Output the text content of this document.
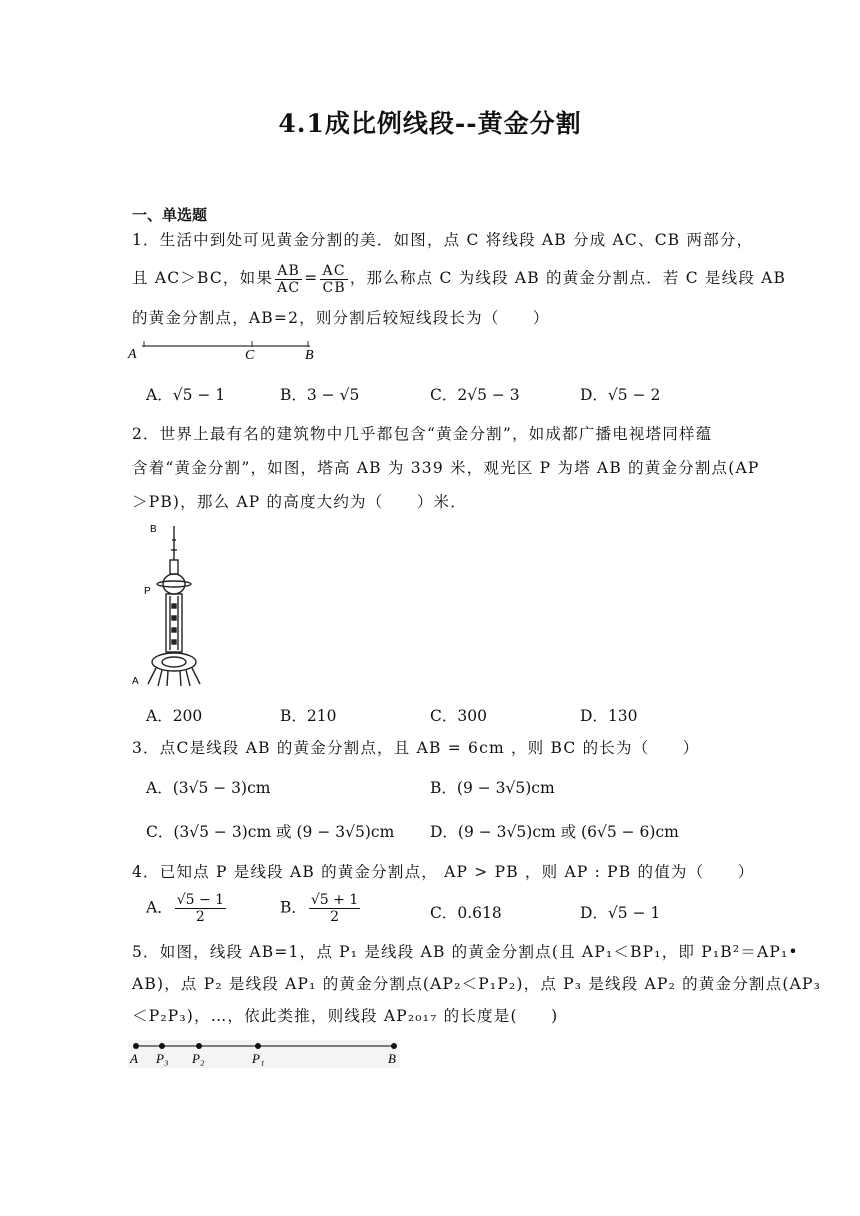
4.1成比例线段--黄金分割
一、单选题
1．生活中到处可见黄金分割的美．如图，点 C 将线段 AB 分成 AC、CB 两部分，
且 AC＞BC，如果 $\frac{AB}{AC} = \frac{AC}{CB}$ ，那么称点 C 为线段 AB 的黄金分割点．若 C 是线段 AB
的黄金分割点，AB=2，则分割后较短线段长为（　　）
A	C	B
A．√5 − 1	B．3 − √5	C．2√5 − 3	D．√5 − 2
2．世界上最有名的建筑物中几乎都包含“黄金分割”，如成都广播电视塔同样蕴
含着“黄金分割”，如图，塔高 AB 为 339 米，观光区 P 为塔 AB 的黄金分割点(AP
＞PB)，那么 AP 的高度大约为（　　）米．
B
P
A
A．200	B．210	C．300	D．130
3．点C是线段 AB 的黄金分割点，且 AB = 6cm ，则 BC 的长为（　　）
A．(3√5 − 3)cm	B．(9 − 3√5)cm
C．(3√5 − 3)cm 或 (9 − 3√5)cm D．(9 − 3√5)cm 或 (6√5 − 6)cm
4．已知点 P 是线段 AB 的黄金分割点， AP > PB ，则 AP : PB 的值为（　　）
A． $\frac{√5 - 1}{2}$	B． $\frac{√5 + 1}{2}$	C．0.618	D．√5 − 1
5．如图，线段 AB=1，点 P₁ 是线段 AB 的黄金分割点(且 AP₁＜BP₁，即 P₁B²＝AP₁•
AB)，点 P₂ 是线段 AP₁ 的黄金分割点(AP₂＜P₁P₂)，点 P₃ 是线段 AP₂ 的黄金分割点(AP₃
＜P₂P₃)，…，依此类推，则线段 AP₂₀₁₇ 的长度是(　　)
A P₃ P₂	P₁	B
